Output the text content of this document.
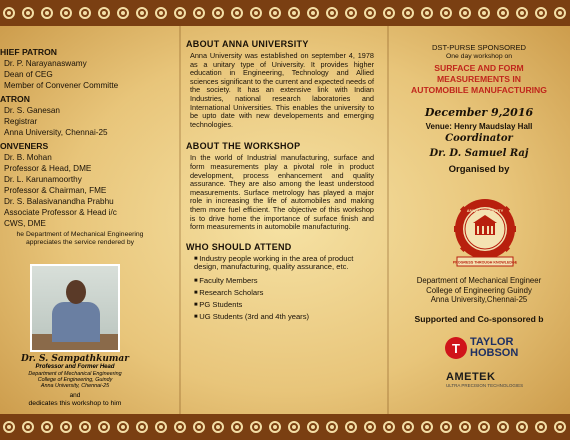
HIEF PATRON
Dr. P. Narayanaswamy
Dean of CEG
Member of Convener Committe
ATRON
Dr. S. Ganesan
Registrar
Anna University, Chennai-25
ONVENERS
Dr. B. Mohan
Professor & Head, DME
Dr. L. Karunamoorthy
Professor & Chairman, FME
Dr. S. Balasivanandha Prabhu
Associate Professor & Head i/c
CWS, DME
he Department of Mechanical Engineering
appreciates the service rendered by
Dr. S. Sampathkumar
Professor and Former Head
Department of Mechanical Engineering
College of Engineering, Guindy
Anna University, Chennai-25
and
dedicates this workshop to him
ABOUT ANNA UNIVERSITY
Anna University was established on september 4, 1978 as a unitary type of University. It provides higher education in Engineering, Technology and Allied sciences significant to the current and expected needs of the society. It has an extensive link with Indian Industries, national research laboratories and International Universities. This enables the university to be upto date with new developements and emerging technologies.
ABOUT THE WORKSHOP
In the world of Industrial manufacturing, surface and form measurements play a pivotal role in product development, process enhancement and quality assurance. They are also among the least understood measurements. Surface metrology has played a major role in increasing the life of automobiles and making them more fuel efficient. The objective of this workshop is to drive home the importance of surface finish and form measurements in automobile manufacturing.
WHO SHOULD ATTEND
■ Industry people working in the area of product design, manufacturing, quality assurance, etc.
■ Faculty Members
■ Research Scholars
■ PG Students
■ UG Students (3rd and 4th years)
DST-PURSE SPONSORED
One day workshop on
SURFACE AND FORM
MEASUREMENTS IN
AUTOMOBILE MANUFACTURING
December 9,2016
Venue: Henry Maudslay Hall
Coordinator
Dr. D. Samuel Raj
Organised by
ANNA UNIVERSITY
PROGRESS THROUGH KNOWLEDGE
Department of Mechanical Engineer
College of Engineering Guindy
Anna University,Chennai-25
Supported and Co-sponsored b
T TAYLOR
HOBSON
AMETEK
ULTRA PRECISION TECHNOLOGIES
